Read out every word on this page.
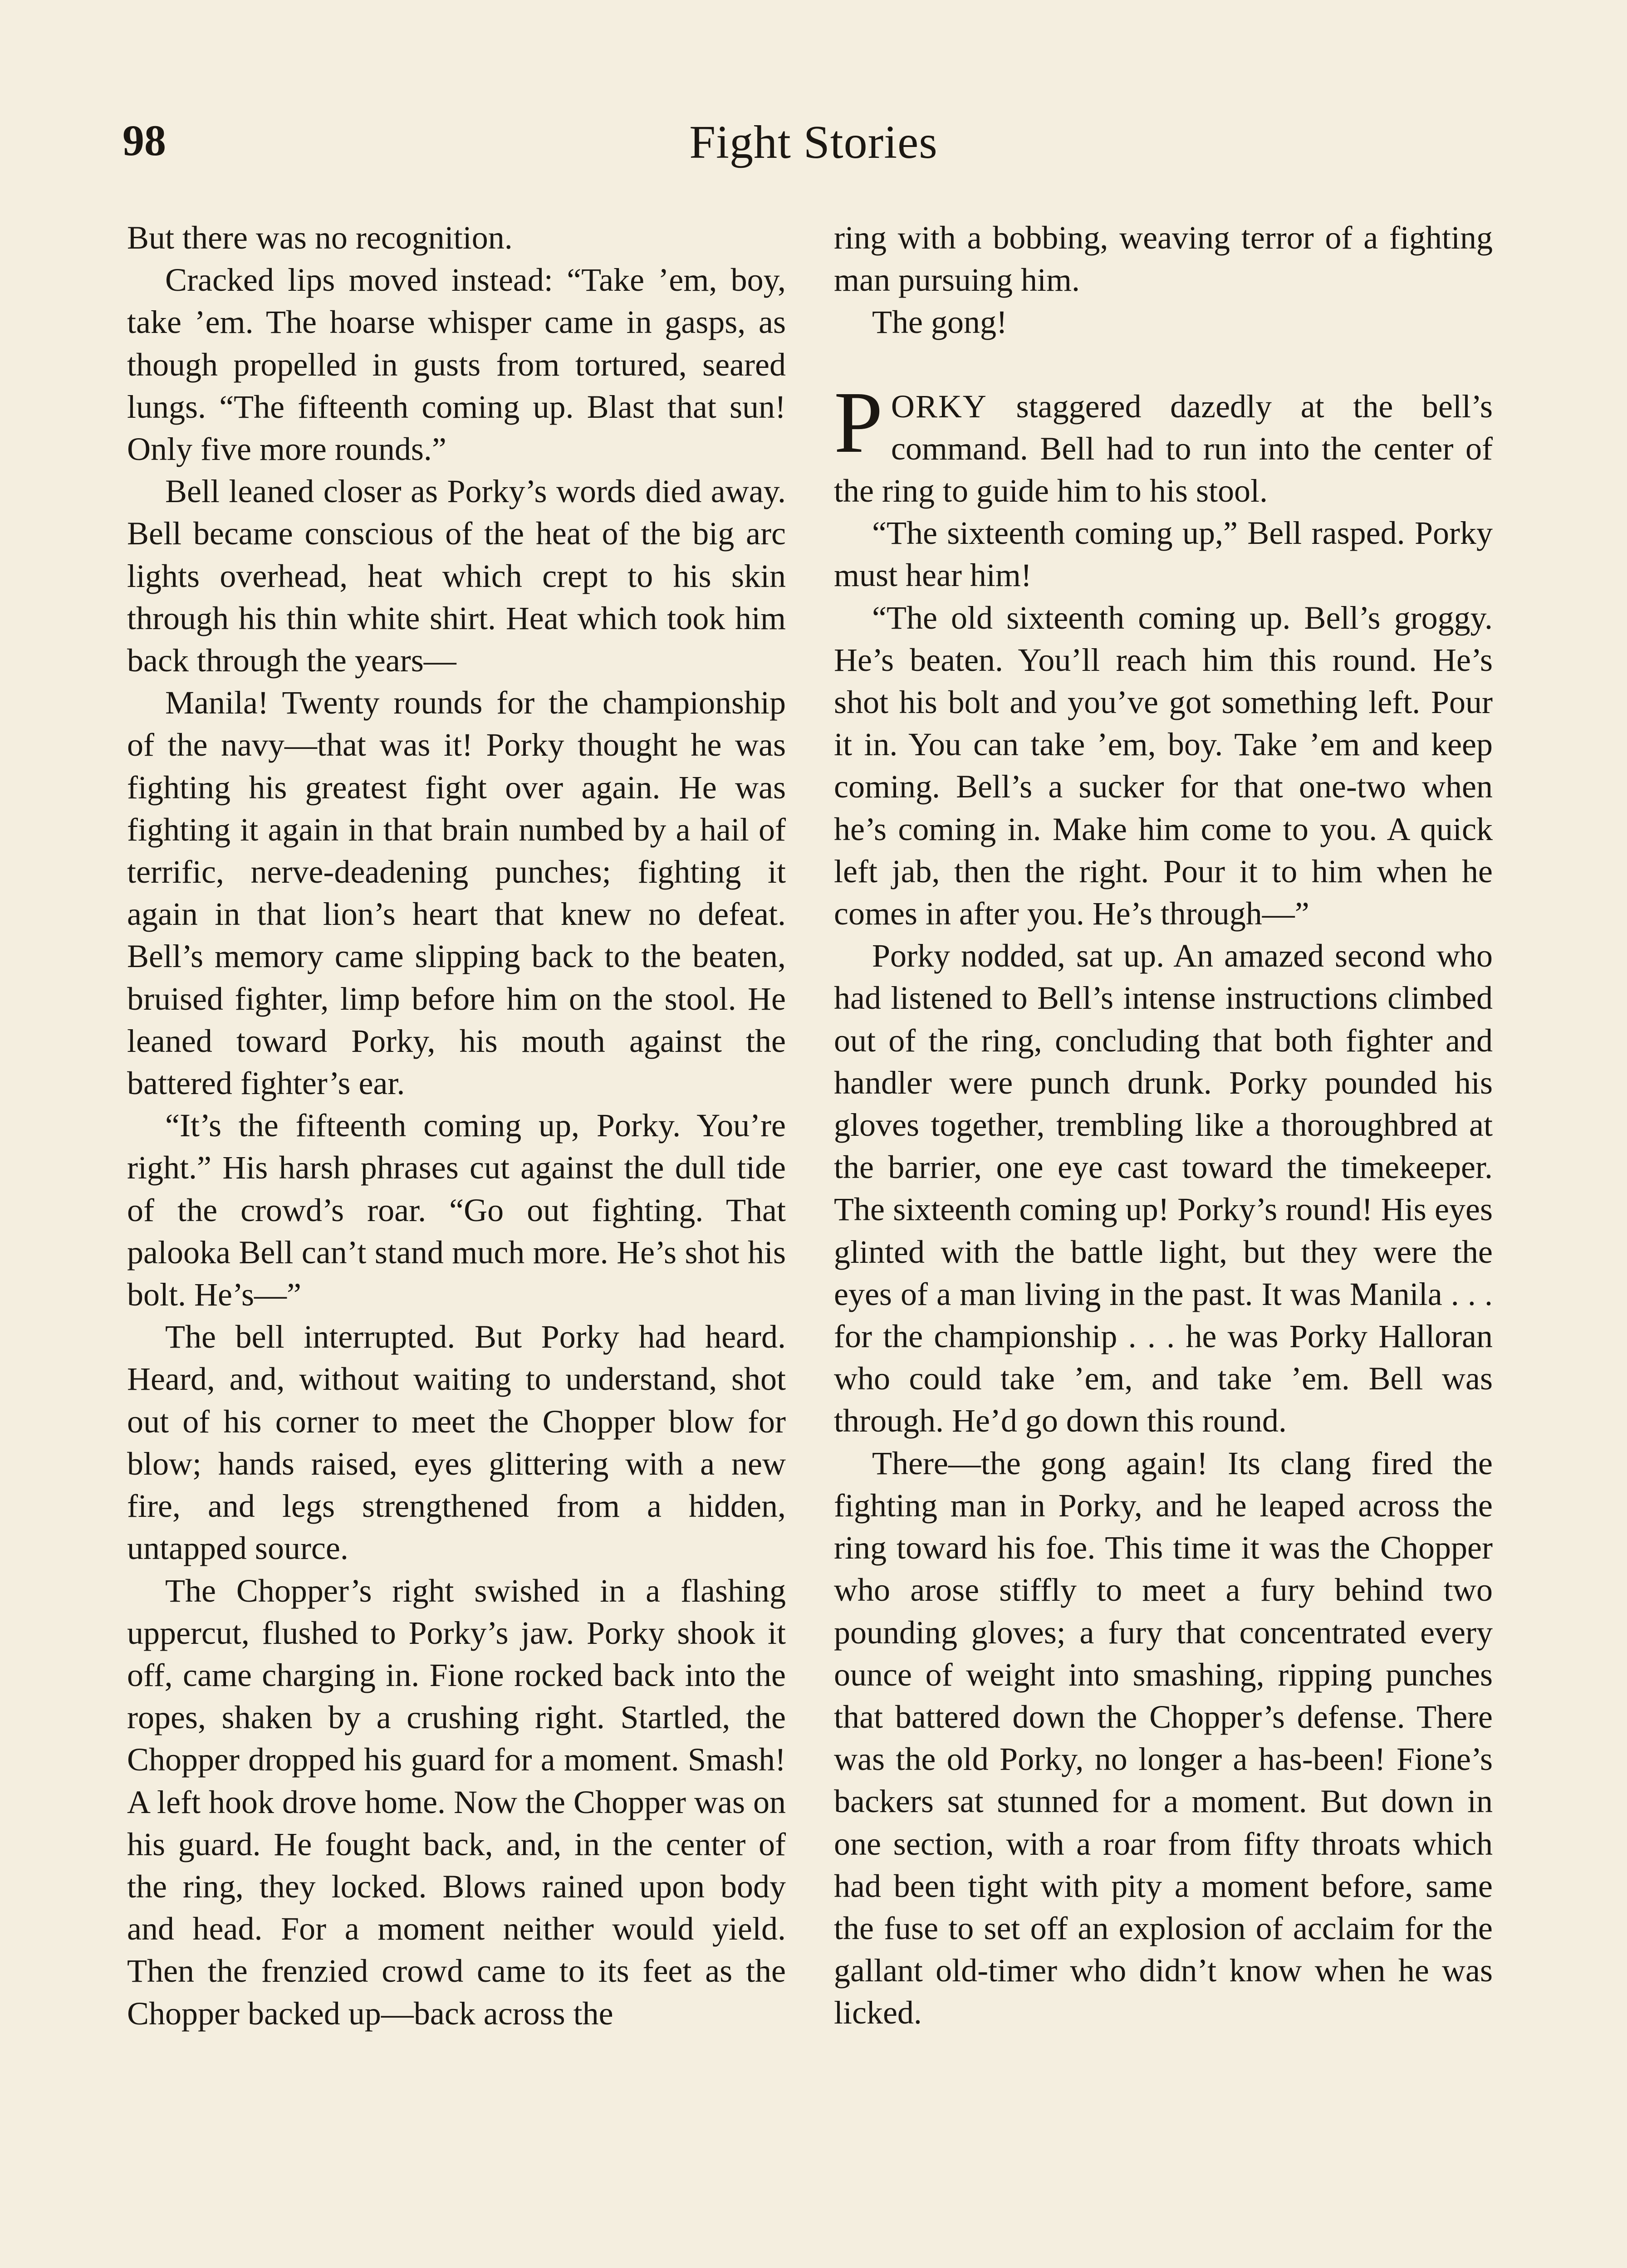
98	Fight Stories

But there was no recognition.

Cracked lips moved instead: “Take ’em, boy, take ’em. The hoarse whisper came in gasps, as though propelled in gusts from tortured, seared lungs. “The fifteenth coming up. Blast that sun! Only five more rounds.”

Bell leaned closer as Porky’s words died away. Bell became conscious of the heat of the big arc lights overhead, heat which crept to his skin through his thin white shirt. Heat which took him back through the years—

Manila! Twenty rounds for the championship of the navy—that was it! Porky thought he was fighting his greatest fight over again. He was fighting it again in that brain numbed by a hail of terrific, nerve-deadening punches; fighting it again in that lion’s heart that knew no defeat. Bell’s memory came slipping back to the beaten, bruised fighter, limp before him on the stool. He leaned toward Porky, his mouth against the battered fighter’s ear.

“It’s the fifteenth coming up, Porky. You’re right.” His harsh phrases cut against the dull tide of the crowd’s roar. “Go out fighting. That palooka Bell can’t stand much more. He’s shot his bolt. He’s—”

The bell interrupted. But Porky had heard. Heard, and, without waiting to understand, shot out of his corner to meet the Chopper blow for blow; hands raised, eyes glittering with a new fire, and legs strengthened from a hidden, untapped source.

The Chopper’s right swished in a flashing uppercut, flushed to Porky’s jaw. Porky shook it off, came charging in. Fione rocked back into the ropes, shaken by a crushing right. Startled, the Chopper dropped his guard for a moment. Smash! A left hook drove home. Now the Chopper was on his guard. He fought back, and, in the center of the ring, they locked. Blows rained upon body and head. For a moment neither would yield. Then the frenzied crowd came to its feet as the Chopper backed up—back across the

ring with a bobbing, weaving terror of a fighting man pursuing him.

The gong!

PORKY staggered dazedly at the bell’s command. Bell had to run into the center of the ring to guide him to his stool.

“The sixteenth coming up,” Bell rasped. Porky must hear him!

“The old sixteenth coming up. Bell’s groggy. He’s beaten. You’ll reach him this round. He’s shot his bolt and you’ve got something left. Pour it in. You can take ’em, boy. Take ’em and keep coming. Bell’s a sucker for that one-two when he’s coming in. Make him come to you. A quick left jab, then the right. Pour it to him when he comes in after you. He’s through—”

Porky nodded, sat up. An amazed second who had listened to Bell’s intense instructions climbed out of the ring, concluding that both fighter and handler were punch drunk. Porky pounded his gloves together, trembling like a thoroughbred at the barrier, one eye cast toward the timekeeper. The sixteenth coming up! Porky’s round! His eyes glinted with the battle light, but they were the eyes of a man living in the past. It was Manila . . . for the championship . . . he was Porky Halloran who could take ’em, and take ’em. Bell was through. He’d go down this round.

There—the gong again! Its clang fired the fighting man in Porky, and he leaped across the ring toward his foe. This time it was the Chopper who arose stiffly to meet a fury behind two pounding gloves; a fury that concentrated every ounce of weight into smashing, ripping punches that battered down the Chopper’s defense. There was the old Porky, no longer a has-been! Fione’s backers sat stunned for a moment. But down in one section, with a roar from fifty throats which had been tight with pity a moment before, same the fuse to set off an explosion of acclaim for the gallant old-timer who didn’t know when he was licked.
